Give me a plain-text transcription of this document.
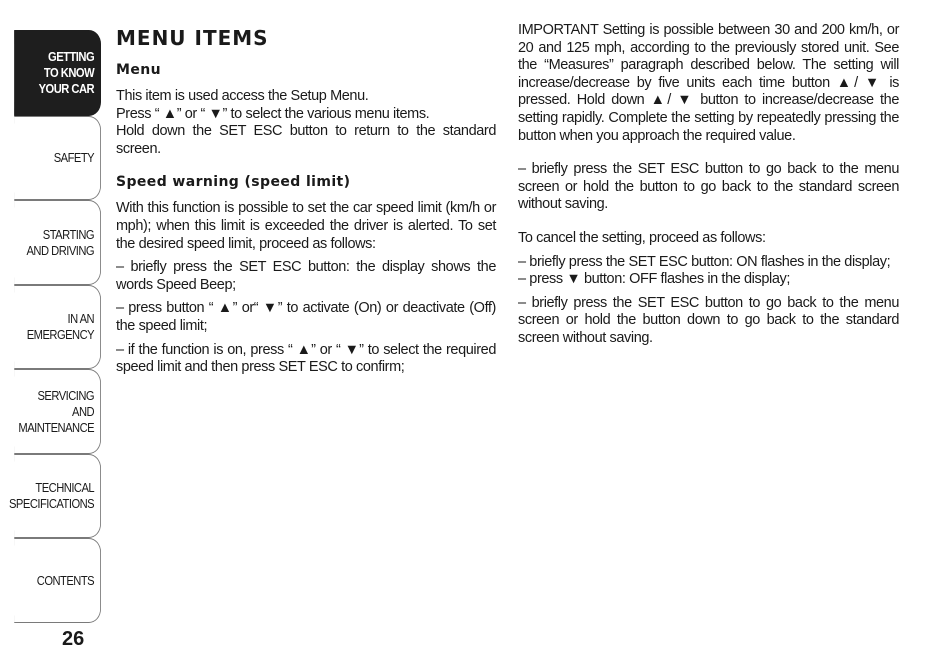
GETTING
TO KNOW
YOUR CAR
SAFETY
STARTING
AND DRIVING
IN AN
EMERGENCY
SERVICING AND
MAINTENANCE
TECHNICAL
SPECIFICATIONS
CONTENTS
26
MENU ITEMS
Menu

This item is used access the Setup Menu.

Press “ ▲” or “ ▼” to select the various menu items.

Hold down the SET ESC button to return to the standard screen.

Speed warning (speed limit)

With this function is possible to set the car speed limit (km/h or mph); when this limit is exceeded the driver is alerted. To set the desired speed limit, proceed as follows:

– briefly press the SET ESC button: the display shows the words Speed Beep;

– press button “ ▲” or“ ▼” to activate (On) or deactivate (Off) the speed limit;

– if the function is on, press “ ▲” or “ ▼” to select the required speed limit and then press SET ESC to confirm;

IMPORTANT Setting is possible between 30 and 200 km/h, or 20 and 125 mph, according to the previously stored unit. See the “Measures” paragraph described below. The setting will increase/decrease by five units each time button ▲/ ▼ is pressed. Hold down ▲/ ▼ button to increase/decrease the setting rapidly. Complete the setting by repeatedly pressing the button when you approach the required value.

– briefly press the SET ESC button to go back to the menu screen or hold the button to go back to the standard screen without saving.

To cancel the setting, proceed as follows:

– briefly press the SET ESC button: ON flashes in the display;

– press ▼ button: OFF flashes in the display;

– briefly press the SET ESC button to go back to the menu screen or hold the button down to go back to the standard screen without saving.
